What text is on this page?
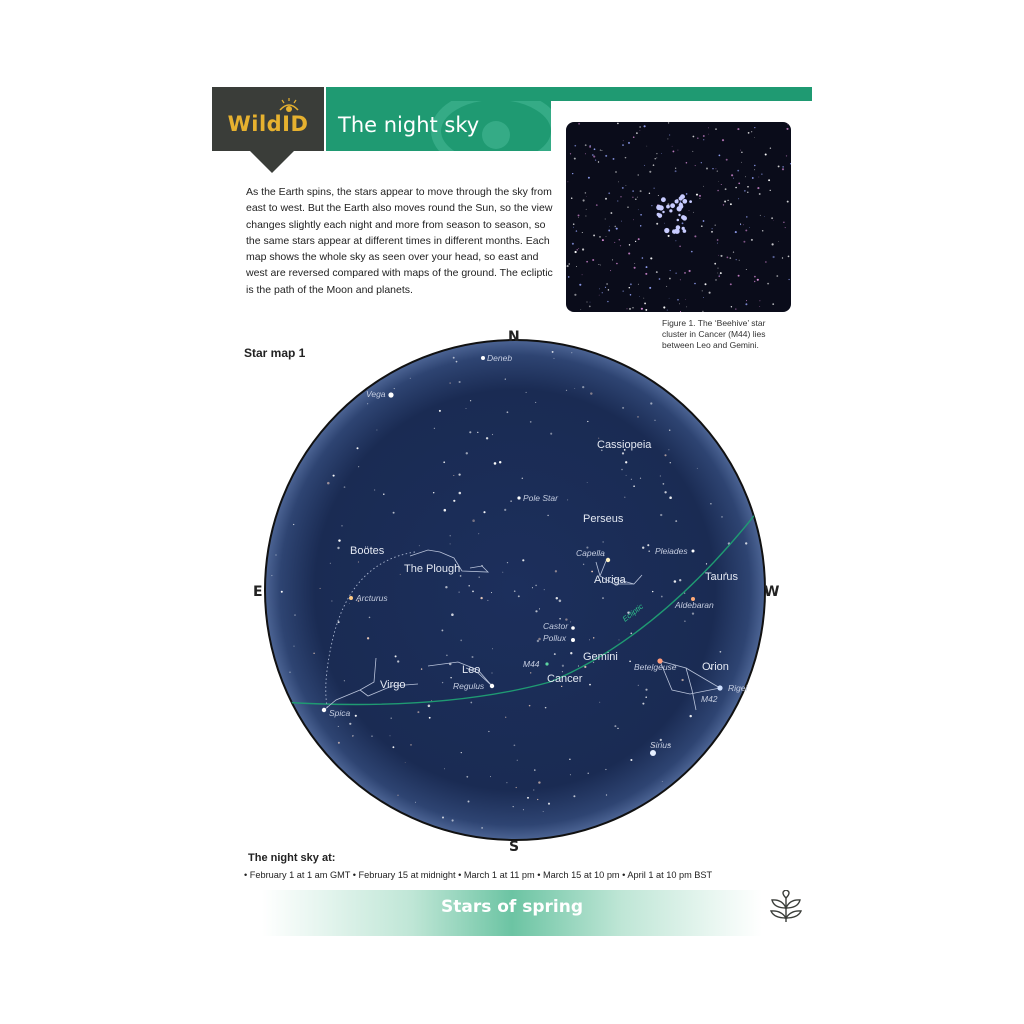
WildID	The night sky
As the Earth spins, the stars appear to move through the sky from east to west. But the Earth also moves round the Sun, so the view changes slightly each night and more from season to season, so the same stars appear at different times in different months. Each map shows the whole sky as seen over your head, so east and west are reversed compared with maps of the ground. The ecliptic is the path of the Moon and planets.
Figure 1. The ‘Beehive’ star cluster in Cancer (M44) lies between Leo and Gemini.
Star map 1
Ecliptic
Deneb
Vega
Pole Star
Capella	Pleiades
Arcturus
Aldebaran
Castor
Pollux
M44	Betelgeuse
Regulus	Rigel
M42
Spica
Sirius
Cassiopeia
Perseus
Boötes
The Plough
Auriga	Taurus
Leo
Gemini
Cancer
Orion
Virgo
N
S
E	W
The night sky at:
• February 1 at 1 am GMT • February 15 at midnight • March 1 at 11 pm • March 15 at 10 pm • April 1 at 10 pm BST
Stars of spring
